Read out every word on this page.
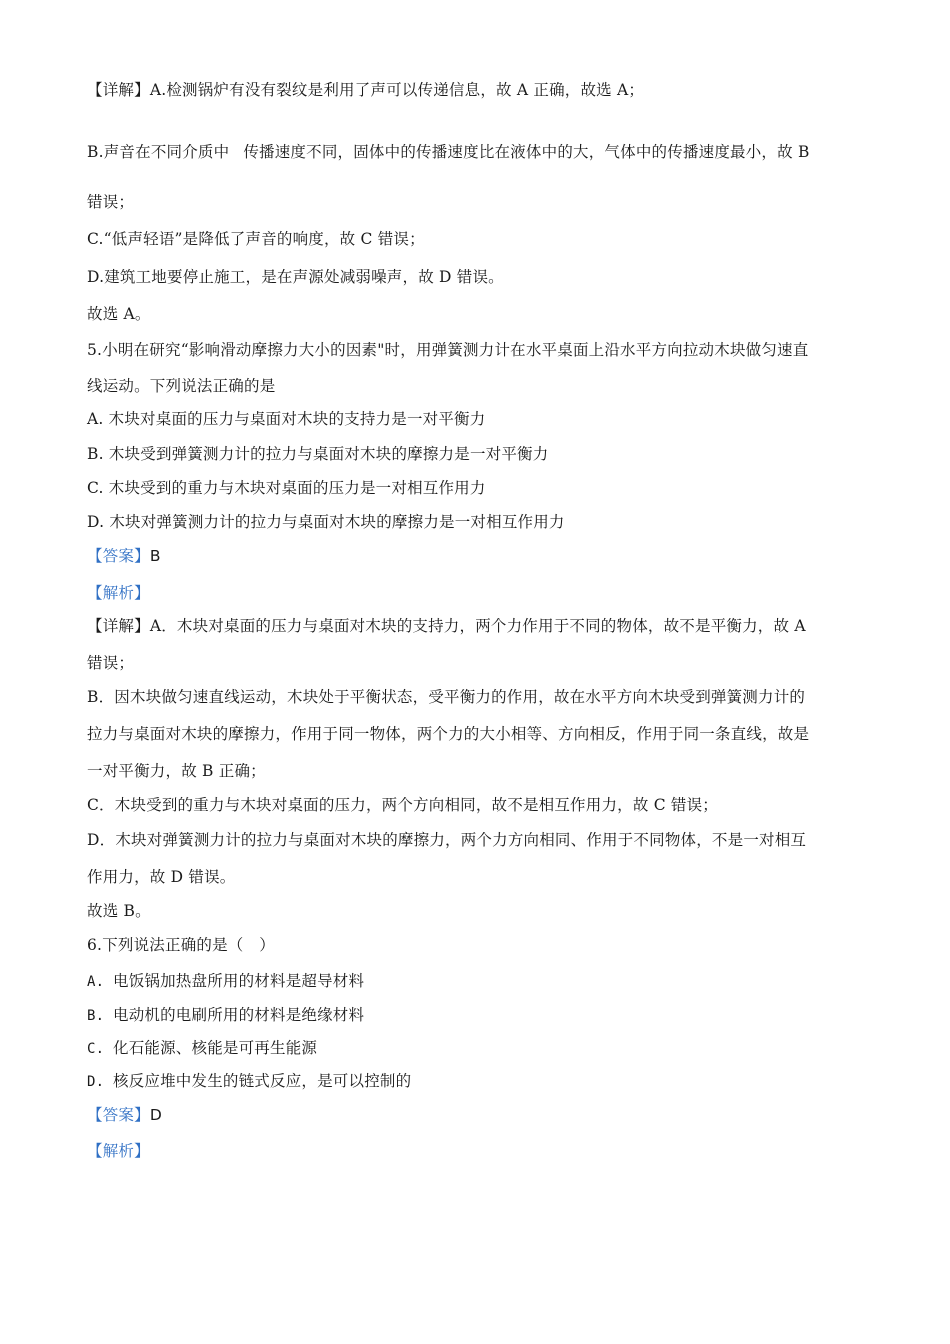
【详解】A.检测锅炉有没有裂纹是利用了声可以传递信息，故 A 正确，故选 A；
B.声音在不同介质中 传播速度不同，固体中的传播速度比在液体中的大，气体中的传播速度最小，故 B
错误；
C.“低声轻语”是降低了声音的响度，故 C 错误；
D.建筑工地要停止施工，是在声源处减弱噪声，故 D 错误。
故选 A。
5.小明在研究“影响滑动摩擦力大小的因素"时，用弹簧测力计在水平桌面上沿水平方向拉动木块做匀速直
线运动。下列说法正确的是
A. 木块对桌面的压力与桌面对木块的支持力是一对平衡力
B. 木块受到弹簧测力计的拉力与桌面对木块的摩擦力是一对平衡力
C. 木块受到的重力与木块对桌面的压力是一对相互作用力
D. 木块对弹簧测力计的拉力与桌面对木块的摩擦力是一对相互作用力
【答案】B
【解析】
【详解】A．木块对桌面的压力与桌面对木块的支持力，两个力作用于不同的物体，故不是平衡力，故 A
错误；
B．因木块做匀速直线运动，木块处于平衡状态，受平衡力的作用，故在水平方向木块受到弹簧测力计的
拉力与桌面对木块的摩擦力，作用于同一物体，两个力的大小相等、方向相反，作用于同一条直线，故是
一对平衡力，故 B 正确；
C．木块受到的重力与木块对桌面的压力，两个方向相同，故不是相互作用力，故 C 错误；
D．木块对弹簧测力计的拉力与桌面对木块的摩擦力，两个力方向相同、作用于不同物体，不是一对相互
作用力，故 D 错误。
故选 B。
6.下列说法正确的是（　）
A. 电饭锅加热盘所用的材料是超导材料
B. 电动机的电刷所用的材料是绝缘材料
C. 化石能源、核能是可再生能源
D. 核反应堆中发生的链式反应，是可以控制的
【答案】D
【解析】
